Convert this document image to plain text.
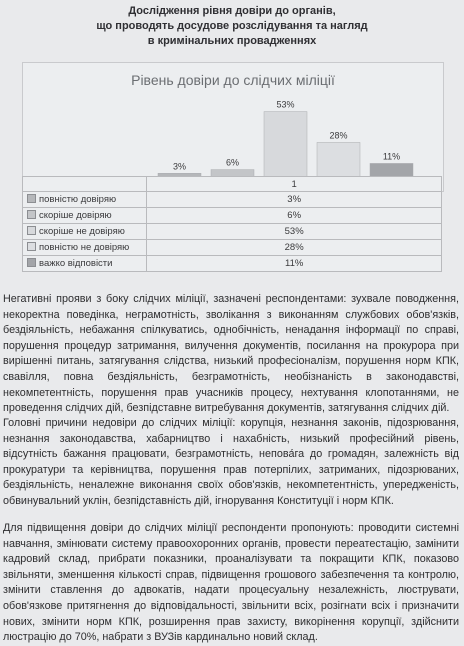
Дослідження рівня довіри до органів,
що проводять досудове розслідування та нагляд
в кримінальних провадженнях
Рівень довіри до слідчих міліції
3%	6%
53%
28%
11%
	1
повністю довіряю	3%
скоріше довіряю	6%
скоріше не довіряю	53%
повністю не довіряю	28%
важко відповісти	11%
Негативні прояви з боку слідчих міліції, зазначені респондентами: зухвале поводження, некоректна поведінка, неграмотність, зволікання з виконанням службових обов'язків, бездіяльність, небажання спілкуватись, однобічність, ненадання інформації по справі, порушення процедур затримання, вилучення документів, посилання на прокурора при вирішенні питань, затягування слідства, низький професіоналізм, порушення норм КПК, свавілля, повна бездіяльність, безграмотність, необізнаність в законодавстві, некомпетентність, порушення прав учасників процесу, нехтування клопотаннями, не проведення слідчих дій, безпідставне витребування документів, затягування слідчих дій.
Головні причини недовіри до слідчих міліції: корупція, незнання законів, підозрювання, незнання законодавства, хабарництво і нахабність, низький професійний рівень, відсутність бажання працювати, безграмотність, непова́га до громадян, залежність від прокуратури та керівництва, порушення прав потерпілих, затриманих, підозрюваних, бездіяльність, неналежне виконання своїх обов'язків, некомпетентність, упередженість, обвинувальний уклін, безпідставність дій, ігнорування Конституції і норм КПК.
Для підвищення довіри до слідчих міліції респонденти пропонують: проводити системні навчання, змінювати систему правоохоронних органів, провести переатестацію, замінити кадровий склад, прибрати показники, проаналізувати та покращити КПК, показово звільняти, зменшення кількості справ, підвищення грошового забезпечення та контролю, змінити ставлення до адвокатів, надати процесуальну незалежність, люструвати, обов'язкове притягнення до відповідальності, звільнити всіх, розігнати всіх і призначити нових, змінити норм КПК, розширення прав захисту, викорінення корупції, здійснити люстрацію до 70%, набрати з ВУЗів кардинально новий склад.
